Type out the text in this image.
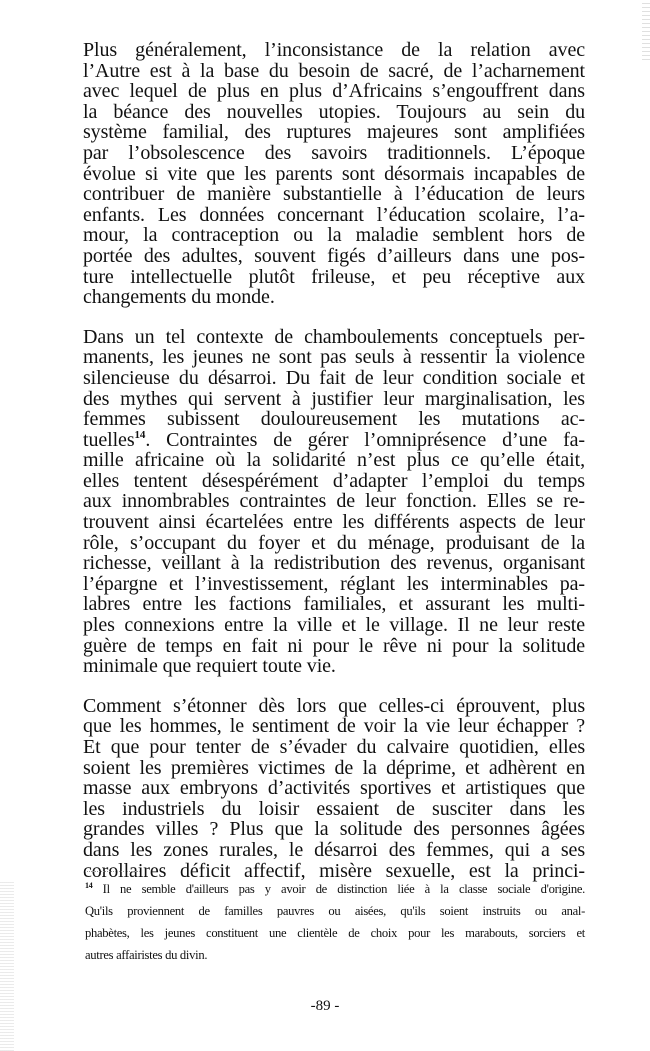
Plus généralement, l’inconsistance de la relation avec
l’Autre est à la base du besoin de sacré, de l’acharnement
avec lequel de plus en plus d’Africains s’engouffrent dans
la béance des nouvelles utopies. Toujours au sein du
système familial, des ruptures majeures sont amplifiées
par l’obsolescence des savoirs traditionnels. L’époque
évolue si vite que les parents sont désormais incapables de
contribuer de manière substantielle à l’éducation de leurs
enfants. Les données concernant l’éducation scolaire, l’a-
mour, la contraception ou la maladie semblent hors de
portée des adultes, souvent figés d’ailleurs dans une pos-
ture intellectuelle plutôt frileuse, et peu réceptive aux
changements du monde.
Dans un tel contexte de chamboulements conceptuels per-
manents, les jeunes ne sont pas seuls à ressentir la violence
silencieuse du désarroi. Du fait de leur condition sociale et
des mythes qui servent à justifier leur marginalisation, les
femmes subissent douloureusement les mutations ac-
tuelles$^{14}$. Contraintes de gérer l’omniprésence d’une fa-
mille africaine où la solidarité n’est plus ce qu’elle était,
elles tentent désespérément d’adapter l’emploi du temps
aux innombrables contraintes de leur fonction. Elles se re-
trouvent ainsi écartelées entre les différents aspects de leur
rôle, s’occupant du foyer et du ménage, produisant de la
richesse, veillant à la redistribution des revenus, organisant
l’épargne et l’investissement, réglant les interminables pa-
labres entre les factions familiales, et assurant les multi-
ples connexions entre la ville et le village. Il ne leur reste
guère de temps en fait ni pour le rêve ni pour la solitude
minimale que requiert toute vie.
Comment s’étonner dès lors que celles-ci éprouvent, plus
que les hommes, le sentiment de voir la vie leur échapper ?
Et que pour tenter de s’évader du calvaire quotidien, elles
soient les premières victimes de la déprime, et adhèrent en
masse aux embryons d’activités sportives et artistiques que
les industriels du loisir essaient de susciter dans les
grandes villes ? Plus que la solitude des personnes âgées
dans les zones rurales, le désarroi des femmes, qui a ses
corollaires déficit affectif, misère sexuelle, est la princi-
$^{14}$ Il ne semble d'ailleurs pas y avoir de distinction liée à la classe sociale d'origine.
Qu'ils proviennent de familles pauvres ou aisées, qu'ils soient instruits ou anal-
phabètes, les jeunes constituent une clientèle de choix pour les marabouts, sorciers et
autres affairistes du divin.
-89 -
